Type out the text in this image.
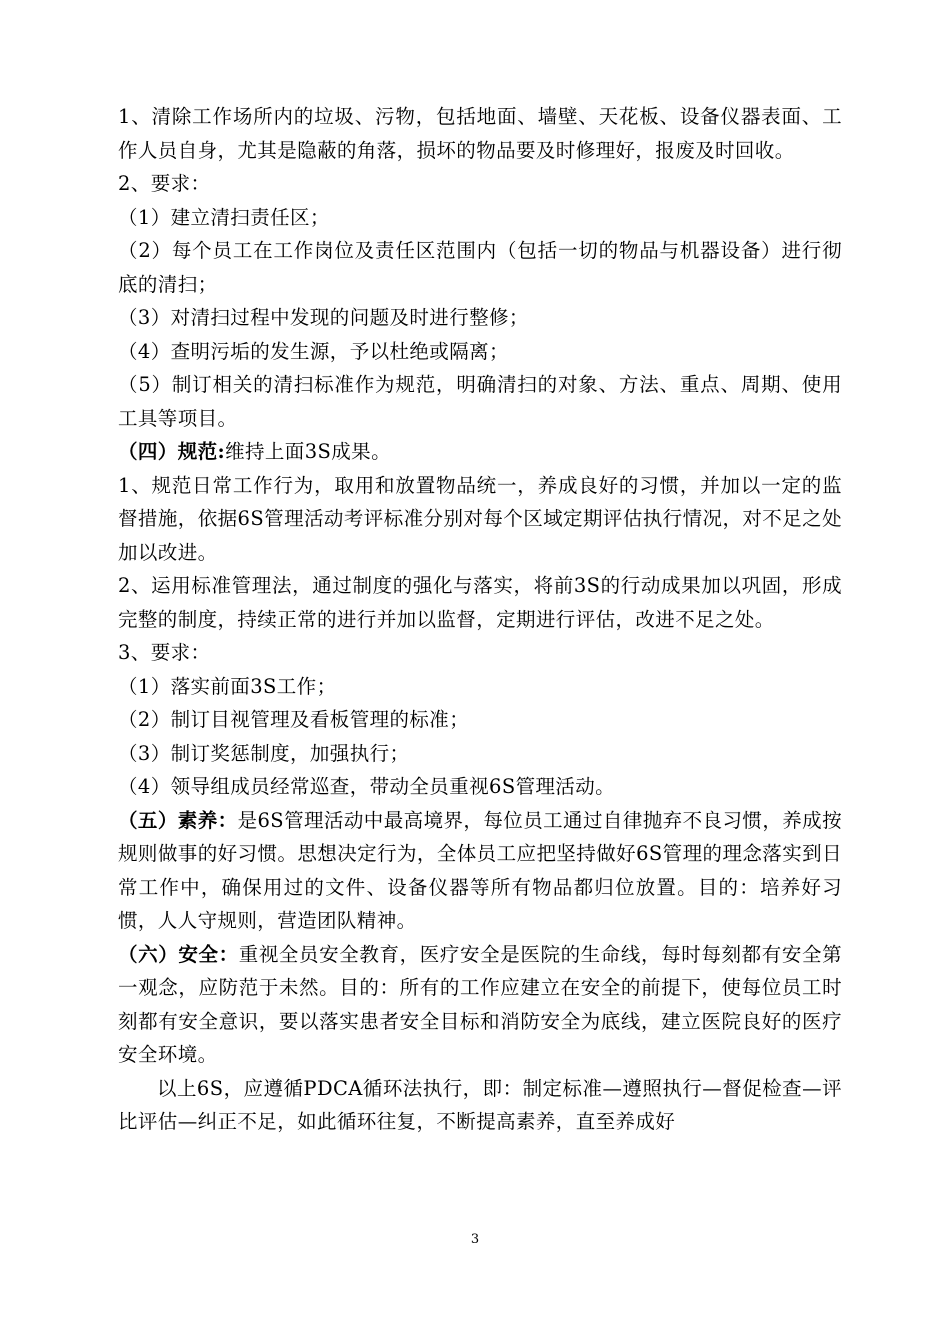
1、清除工作场所内的垃圾、污物，包括地面、墙壁、天花板、设备仪器表面、工作人员自身，尤其是隐蔽的角落，损坏的物品要及时修理好，报废及时回收。

2、要求：

（1）建立清扫责任区；

（2）每个员工在工作岗位及责任区范围内（包括一切的物品与机器设备）进行彻底的清扫；

（3）对清扫过程中发现的问题及时进行整修；

（4）查明污垢的发生源，予以杜绝或隔离；

（5）制订相关的清扫标准作为规范，明确清扫的对象、方法、重点、周期、使用工具等项目。

（四）规范:维持上面3S成果。

1、规范日常工作行为，取用和放置物品统一，养成良好的习惯，并加以一定的监督措施，依据6S管理活动考评标准分别对每个区域定期评估执行情况，对不足之处加以改进。

2、运用标准管理法，通过制度的强化与落实，将前3S的行动成果加以巩固，形成完整的制度，持续正常的进行并加以监督，定期进行评估，改进不足之处。

3、要求：

（1）落实前面3S工作；

（2）制订目视管理及看板管理的标准；

（3）制订奖惩制度，加强执行；

（4）领导组成员经常巡查，带动全员重视6S管理活动。

（五）素养：是6S管理活动中最高境界，每位员工通过自律抛弃不良习惯，养成按规则做事的好习惯。思想决定行为，全体员工应把坚持做好6S管理的理念落实到日常工作中，确保用过的文件、设备仪器等所有物品都归位放置。目的：培养好习惯，人人守规则，营造团队精神。

（六）安全：重视全员安全教育，医疗安全是医院的生命线，每时每刻都有安全第一观念，应防范于未然。目的：所有的工作应建立在安全的前提下，使每位员工时刻都有安全意识，要以落实患者安全目标和消防安全为底线，建立医院良好的医疗安全环境。

以上6S，应遵循PDCA循环法执行，即：制定标准—遵照执行—督促检查—评比评估—纠正不足，如此循环往复，不断提高素养，直至养成好

3
